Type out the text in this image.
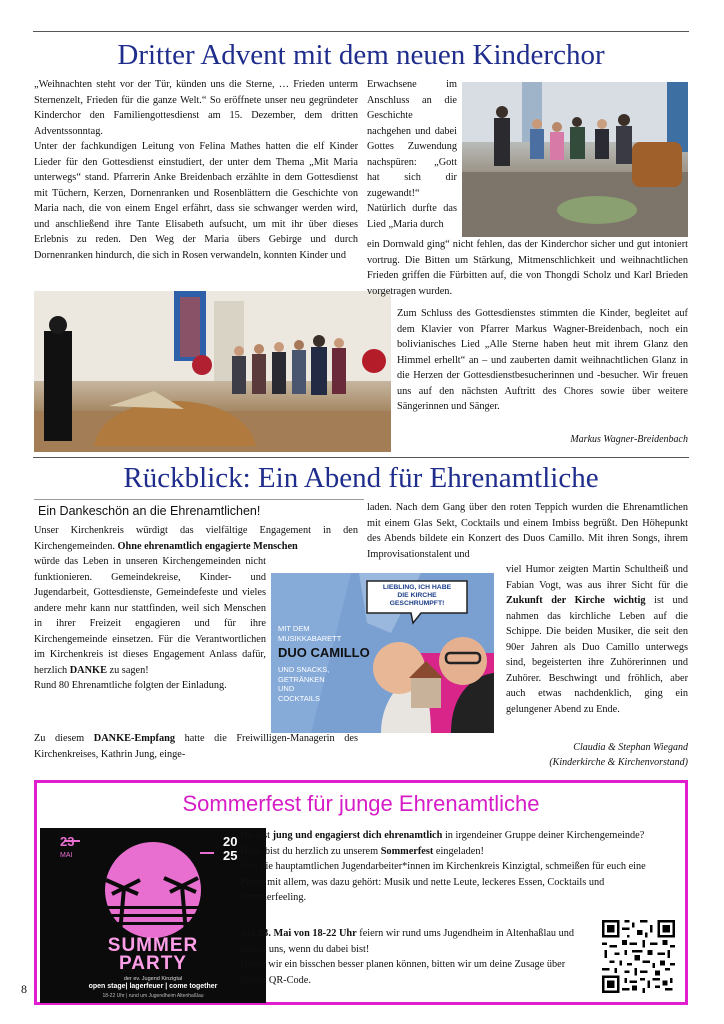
Dritter Advent mit dem neuen Kinderchor

„Weihnachten steht vor der Tür, künden uns die Sterne, … Frieden unterm Sternenzelt, Frieden für die ganze Welt.“ So eröffnete unser neu gegründeter Kinderchor den Familiengottesdienst am 15. Dezember, dem dritten Adventssonntag.

Unter der fachkundigen Leitung von Felina Mathes hatten die elf Kinder Lieder für den Gottesdienst einstudiert, der unter dem Thema „Mit Maria unterwegs“ stand. Pfarrerin Anke Breidenbach erzählte in dem Gottesdienst mit Tüchern, Kerzen, Dornenranken und Rosenblättern die Geschichte von Maria nach, die von einem Engel erfährt, dass sie schwanger werden wird, und anschließend ihre Tante Elisabeth aufsucht, um mit ihr über dieses Erlebnis zu reden. Den Weg der Maria übers Gebirge und durch Dornenranken hindurch, die sich in Rosen verwandeln, konnten Kinder und

Erwachsene im Anschluss an die Geschichte nachgehen und dabei Gottes Zuwendung nachspüren: „Gott hat sich dir zugewandt!“ Natürlich durfte das Lied „Maria durch
ein Dornwald ging“ nicht fehlen, das der Kinderchor sicher und gut intoniert vortrug. Die Bitten um Stärkung, Mitmenschlichkeit und weihnachtlichen Frieden griffen die Fürbitten auf, die von Thongdi Scholz und Karl Brieden vorgetragen wurden.
Zum Schluss des Gottesdienstes stimmten die Kinder, begleitet auf dem Klavier von Pfarrer Markus Wagner-Breidenbach, noch ein bolivianisches Lied „Alle Sterne haben heut mit ihrem Glanz den Himmel erhellt“ an – und zauberten damit weihnachtlichen Glanz in die Herzen der Gottesdienstbesucherinnen und -besucher. Wir freuen uns auf den nächsten Auftritt des Chores sowie über weitere Sängerinnen und Sänger.
Markus Wagner-Breidenbach
Rückblick: Ein Abend für Ehrenamtliche
Ein Dankeschön an die Ehrenamtlichen!
Unser Kirchenkreis würdigt das vielfältige Engagement in den Kirchengemeinden. Ohne ehrenamtlich engagierte Menschen

würde das Leben in unseren Kirchengemeinden nicht funktionieren. Gemeindekreise, Kinder- und Jugendarbeit, Gottesdienste, Gemeindefeste und vieles andere mehr kann nur stattfinden, weil sich Menschen in ihrer Freizeit engagieren und für ihre Kirchengemeinde einsetzen. Für die Verantwortlichen im Kirchenkreis ist dieses Engagement Anlass dafür, herzlich DANKE zu sagen!

Rund 80 Ehrenamtliche folgten der Einladung.

Zu diesem DANKE-Empfang hatte die Freiwilligen-Managerin des Kirchenkreises, Kathrin Jung, einge-
laden. Nach dem Gang über den roten Teppich wurden die Ehrenamtlichen mit einem Glas Sekt, Cocktails und einem Imbiss begrüßt. Den Höhepunkt des Abends bildete ein Konzert des Duos Camillo. Mit ihren Songs, ihrem Improvisationstalent und
viel Humor zeigten Martin Schultheiß und Fabian Vogt, was aus ihrer Sicht für die Zukunft der Kirche wichtig ist und nahmen das kirchliche Leben auf die Schippe. Die beiden Musiker, die seit den 90er Jahren als Duo Camillo unterwegs sind, begeisterten ihre Zuhörerinnen und Zuhörer. Beschwingt und fröhlich, aber auch etwas nachdenklich, ging ein gelungener Abend zu Ende.
Claudia & Stephan Wiegand
(Kinderkirche & Kirchenvorstand)
LIEBLING, ICH HABE DIE KIRCHE GESCHRUMPFT!
MIT DEM
MUSIKKABARETT
DUO CAMILLO
UND SNACKS, GETRÄNKEN UND COCKTAILS
Sommerfest für junge Ehrenamtliche
23
MAI
20
25
SUMMER
PARTY
der ev. Jugend Kinzigtal
open stage| lagerfeuer | come together
18-22 Uhr | rund um Jugendheim Altenhaßlau

Du bist jung und engagierst dich ehrenamtlich in irgendeiner Gruppe deiner Kirchengemeinde?

Dann bist du herzlich zu unserem Sommerfest eingeladen!

Wir, die hauptamtlichen Jugendarbeiter*innen im Kirchenkreis Kinzigtal, schmeißen für euch eine Party mit allem, was dazu gehört: Musik und nette Leute, leckeres Essen, Cocktails und Summerfeeling.

Am 23. Mai von 18-22 Uhr feiern wir rund ums Jugendheim in Altenhaßlau und freuen uns, wenn du dabei bist!

Damit wir ein bisschen besser planen können, bitten wir um deine Zusage über diesen QR-Code.

8
